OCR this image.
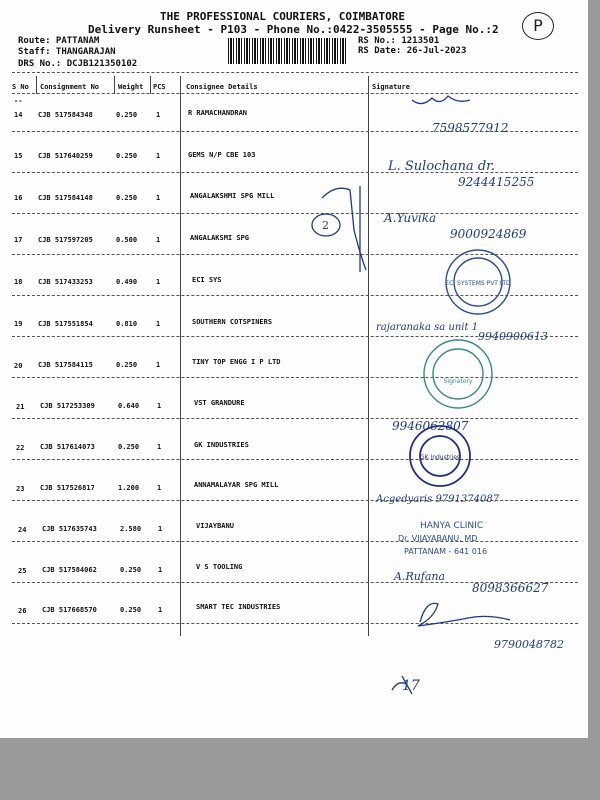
THE PROFESSIONAL COURIERS, COIMBATORE
Delivery Runsheet - P103 - Phone No.:0422-3505555 - Page No.:2
Route: PATTANAM
Staff: THANGARAJAN
DRS No.: DCJB121350102
RS No.: 1213501
RS Date: 26-Jul-2023
P
S No Consignment No	Weight PCS	Consignee Details	Signature
--
14 CJB 517584348	0.250	1	R RAMACHANDRAN
15 CJB 517640259	0.250	1	GEMS N/P CBE 103
16 CJB 517584148	0.250	1	ANGALAKSHMI SPG MILL
17 CJB 517597205	0.500	1	ANGALAKSMI SPG
18 CJB 517433253	0.490	1	ECI SYS
19 CJB 517551854	0.810	1	SOUTHERN COTSPINERS
20 CJB 517584115	0.250	1	TINY TOP ENGG I P LTD
21 CJB 517253309	0.640	1	VST GRANDURE
22 CJB 517614073	0.250	1	GK INDUSTRIES
23 CJB 517526817	1.200	1	ANNAMALAYAR SPG MILL
24 CJB 517635743	2.580 1	VIJAYBANU
25 CJB 517584062	0.250 1	V S TOOLING
26 CJB 517668570	0.250 1	SMART TEC INDUSTRIES
ECI SYSTEMS PVT LTD
Signatory
GK Industries
HANYA CLINIC
Dr. VIJAYABANU, MD
PATTANAM - 641 016
7598577912
L. Sulochana dr.
9244415255
2
A.Yuvika
9000924869
rajaranaka sa unit 1
9940900613
9946062807
Acgedyaris 9791374087
A.Rufana
8098366627
9790048782
17
